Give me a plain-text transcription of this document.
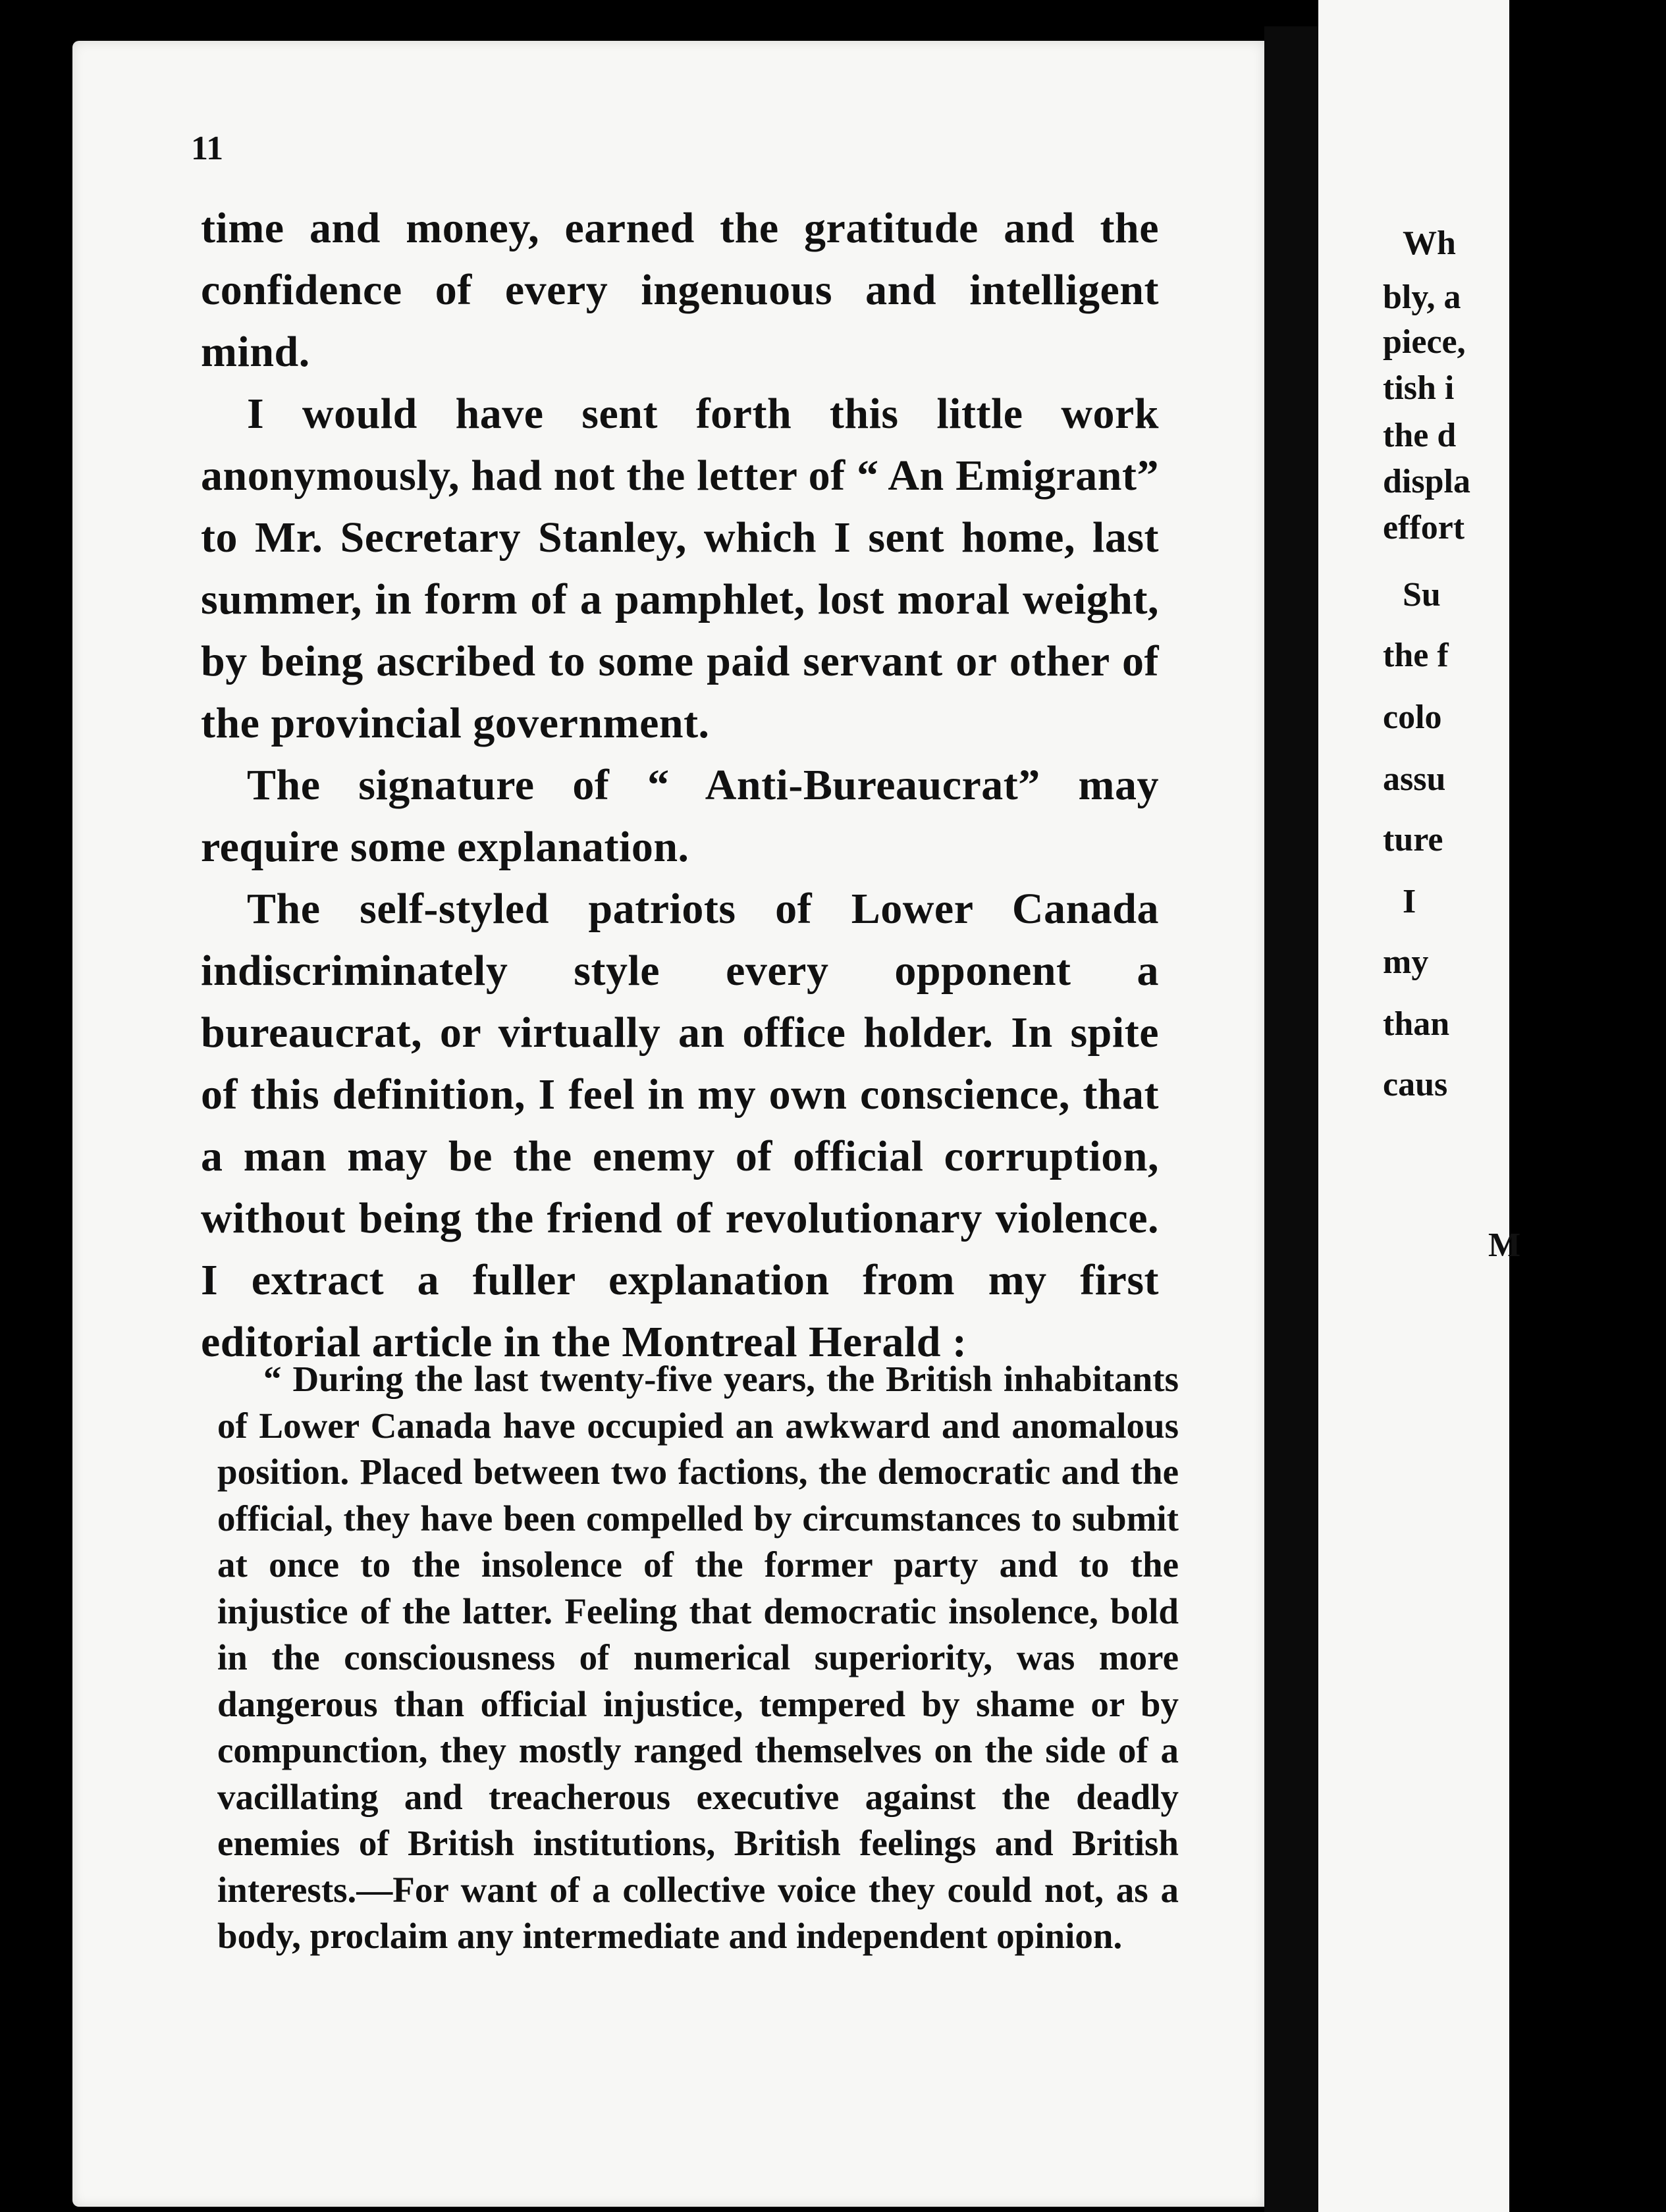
11

time and money, earned the gratitude and the confidence of every ingenuous and intelligent mind.

I would have sent forth this little work anonymously, had not the letter of “ An Emigrant” to Mr. Secretary Stanley, which I sent home, last summer, in form of a pamphlet, lost moral weight, by being ascribed to some paid servant or other of the provincial government.

The signature of “ Anti-Bureaucrat” may require some explanation.

The self-styled patriots of Lower Canada indiscriminately style every opponent a bureaucrat, or virtually an office holder. In spite of this definition, I feel in my own conscience, that a man may be the enemy of official corruption, without being the friend of revolutionary violence. I extract a fuller explanation from my first editorial article in the Montreal Herald :

“ During the last twenty-five years, the British inhabitants of Lower Canada have occupied an awkward and anomalous position. Placed between two factions, the democratic and the official, they have been compelled by circumstances to submit at once to the insolence of the former party and to the injustice of the latter. Feeling that democratic insolence, bold in the consciousness of numerical superiority, was more dangerous than official injustice, tempered by shame or by compunction, they mostly ranged themselves on the side of a vacillating and treacherous executive against the deadly enemies of British institutions, British feelings and British interests.—For want of a collective voice they could not, as a body, proclaim any intermediate and independent opinion.

Wh
bly, a
piece,
tish i
the d
displa
effort
Su
the f
colo
assu
ture
I
my
than
caus
M
